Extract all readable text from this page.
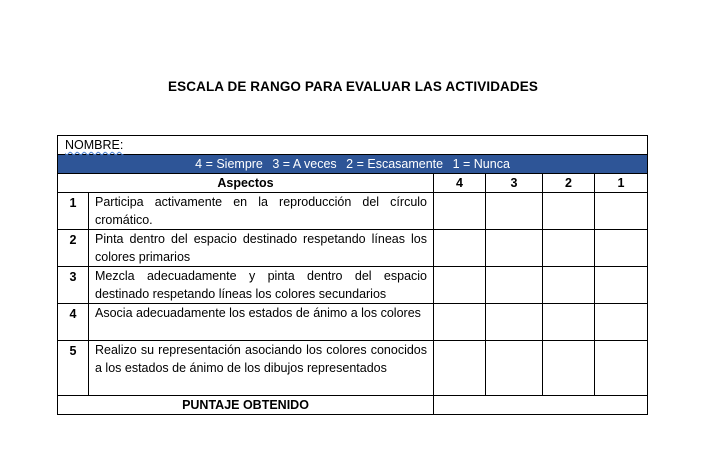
ESCALA DE RANGO PARA EVALUAR LAS ACTIVIDADES
NOMBRE:					
4 = Siempre 3 = A veces 2 = Escasamente 1 = Nunca					
Aspectos		4	3	2	1
1	Participa activamente en la reproducción del círculo cromático.				
2	Pinta dentro del espacio destinado respetando líneas los colores primarios				
3	Mezcla adecuadamente y pinta dentro del espacio destinado respetando líneas los colores secundarios				
4	Asocia adecuadamente los estados de ánimo a los colores				
5	Realizo su representación asociando los colores conocidos a los estados de ánimo de los dibujos representados				
PUNTAJE OBTENIDO					
